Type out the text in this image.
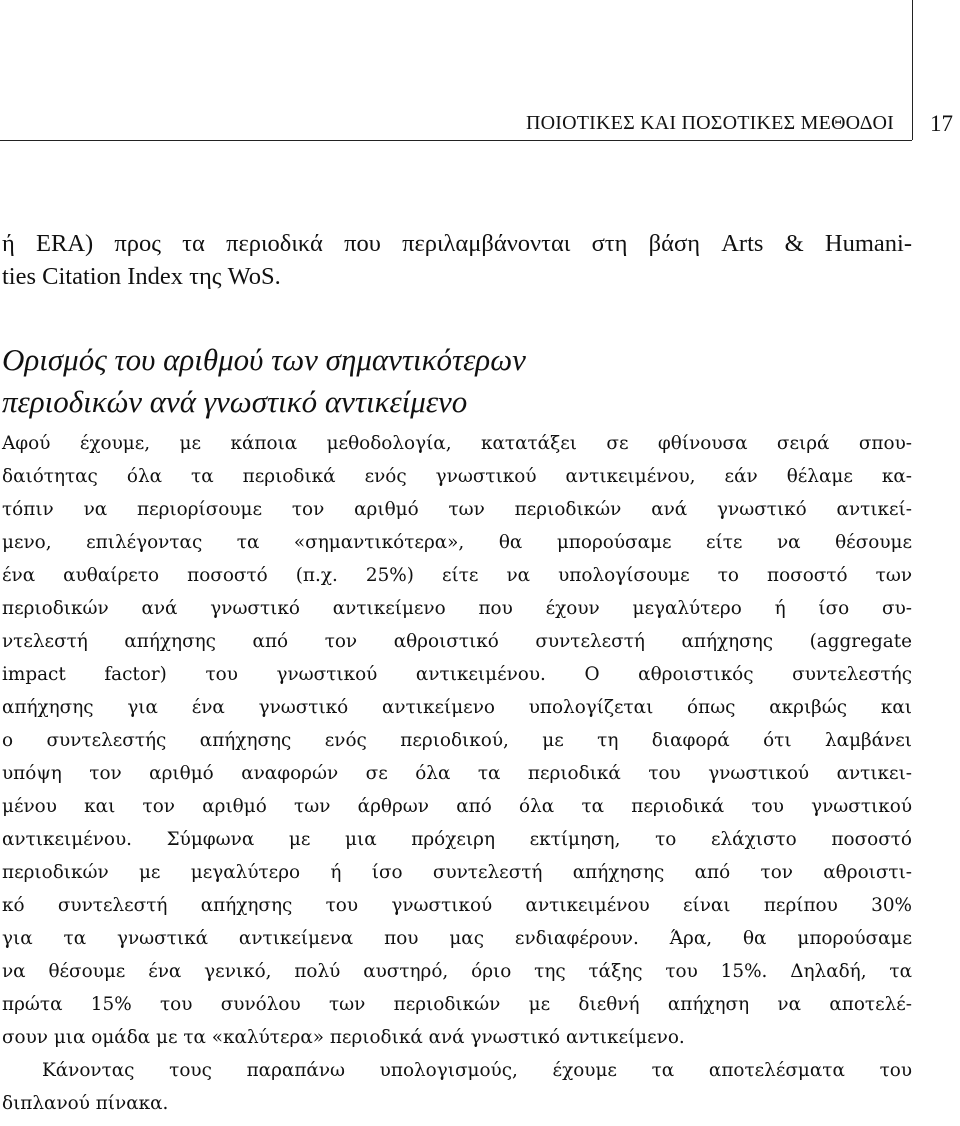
ΠΟΙΟΤΙΚΕΣ ΚΑΙ ΠΟΣΟΤΙΚΕΣ ΜΕΘΟΔΟΙ 17
ή ERA) προς τα περιοδικά που περιλαμβάνονται στη βάση Arts & Humani-
ties Citation Index της WoS.
Ορισμός του αριθμού των σημαντικότερων
περιοδικών ανά γνωστικό αντικείμενο
Αφού έχουμε, με κάποια μεθοδολογία, κατατάξει σε φθίνουσα σειρά σπου-
δαιότητας όλα τα περιοδικά ενός γνωστικού αντικειμένου, εάν θέλαμε κα-
τόπιν να περιορίσουμε τον αριθμό των περιοδικών ανά γνωστικό αντικεί-
μενο, επιλέγοντας τα «σημαντικότερα», θα μπορούσαμε είτε να θέσουμε
ένα αυθαίρετο ποσοστό (π.χ. 25%) είτε να υπολογίσουμε το ποσοστό των
περιοδικών ανά γνωστικό αντικείμενο που έχουν μεγαλύτερο ή ίσο συ-
ντελεστή απήχησης από τον αθροιστικό συντελεστή απήχησης (aggregate
impact factor) του γνωστικού αντικειμένου. Ο αθροιστικός συντελεστής
απήχησης για ένα γνωστικό αντικείμενο υπολογίζεται όπως ακριβώς και
ο συντελεστής απήχησης ενός περιοδικού, με τη διαφορά ότι λαμβάνει
υπόψη τον αριθμό αναφορών σε όλα τα περιοδικά του γνωστικού αντικει-
μένου και τον αριθμό των άρθρων από όλα τα περιοδικά του γνωστικού
αντικειμένου. Σύμφωνα με μια πρόχειρη εκτίμηση, το ελάχιστο ποσοστό
περιοδικών με μεγαλύτερο ή ίσο συντελεστή απήχησης από τον αθροιστι-
κό συντελεστή απήχησης του γνωστικού αντικειμένου είναι περίπου 30%
για τα γνωστικά αντικείμενα που μας ενδιαφέρουν. Άρα, θα μπορούσαμε
να θέσουμε ένα γενικό, πολύ αυστηρό, όριο της τάξης του 15%. Δηλαδή, τα
πρώτα 15% του συνόλου των περιοδικών με διεθνή απήχηση να αποτελέ-
σουν μια ομάδα με τα «καλύτερα» περιοδικά ανά γνωστικό αντικείμενο.
Κάνοντας τους παραπάνω υπολογισμούς, έχουμε τα αποτελέσματα του
διπλανού πίνακα.
